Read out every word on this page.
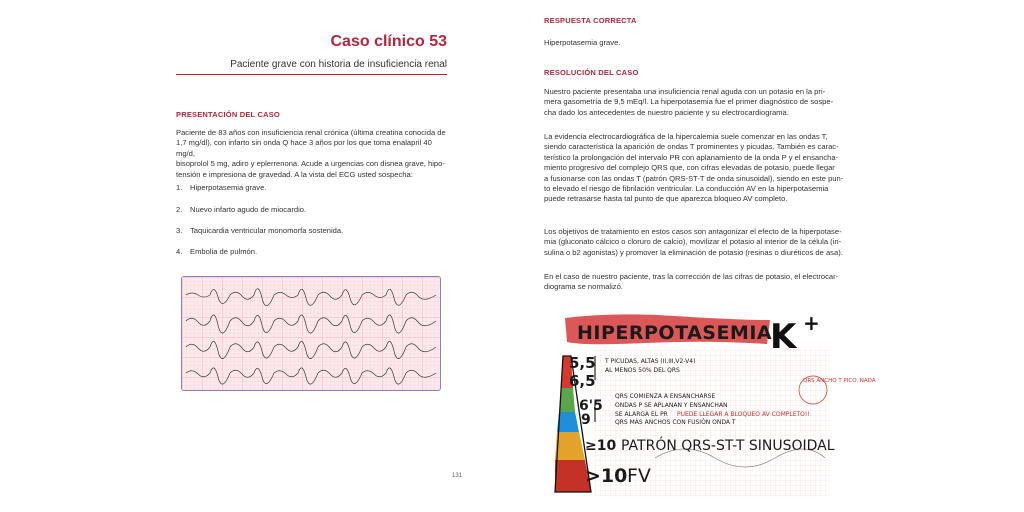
Caso clínico 53
Paciente grave con historia de insuficiencia renal
PRESENTACIÓN DEL CASO
Paciente de 83 años con insuficiencia renal crónica (última creatina conocida de
1,7 mg/dl), con infarto sin onda Q hace 3 años por los que toma enalapril 40 mg/d,
bisoprolol 5 mg, adiro y eplerrenona. Acude a urgencias con disnea grave, hipo-
tensión e impresiona de gravedad. A la vista del ECG usted sospecha:
1. Hiperpotasemia grave.
2. Nuevo infarto agudo de miocardio.
3. Taquicardia ventricular monomorfa sostenida.
4. Embolia de pulmón.
131
RESPUESTA CORRECTA
Hiperpotasemia grave.
RESOLUCIÓN DEL CASO
Nuestro paciente presentaba una insuficiencia renal aguda con un potasio en la pri-
mera gasometría de 9,5 mEq/l. La hiperpotasemia fue el primer diagnóstico de sospe-
cha dado los antecedentes de nuestro paciente y su electrocardiograma.
La evidencia electrocardiográfica de la hipercalemia suele comenzar en las ondas T,
siendo característica la aparición de ondas T prominentes y picudas. También es carac-
terístico la prolongación del intervalo PR con aplanamiento de la onda P y el ensancha-
miento progresivo del complejo QRS que, con cifras elevadas de potasio, puede llegar
a fusionarse con las ondas T (patrón QRS-ST-T de onda sinusoidal), siendo en este pun-
to elevado el riesgo de fibrilación ventricular. La conducción AV en la hiperpotasemia
puede retrasarse hasta tal punto de que aparezca bloqueo AV completo.
Los objetivos de tratamiento en estos casos son antagonizar el efecto de la hiperpotase-
mia (gluconato cálcico o cloruro de calcio), movilizar el potasio al interior de la célula (in-
sulina o b2 agonistas) y promover la eliminación de potasio (resinas o diuréticos de asa).
En el caso de nuestro paciente, tras la corrección de las cifras de potasio, el electrocar-
diograma se normalizó.
HIPERPOTASEMIA
K +
5,5
6,5
T PICUDAS, ALTAS (II,III,V2-V4)
AL MENOS 50% DEL QRS
QRS COMIENZA A ENSANCHARSE
6'5
9
ONDAS P SE APLANAN Y ENSANCHAN
SE ALARGA EL PR
QRS MÁS ANCHOS CON FUSIÓN ONDA T
≥10 PATRÓN QRS-ST-T SINUSOIDAL
>10 FV
PUEDE LLEGAR A BLOQUEO AV COMPLETO!!
QRS ANCHO T PICO. NADA
